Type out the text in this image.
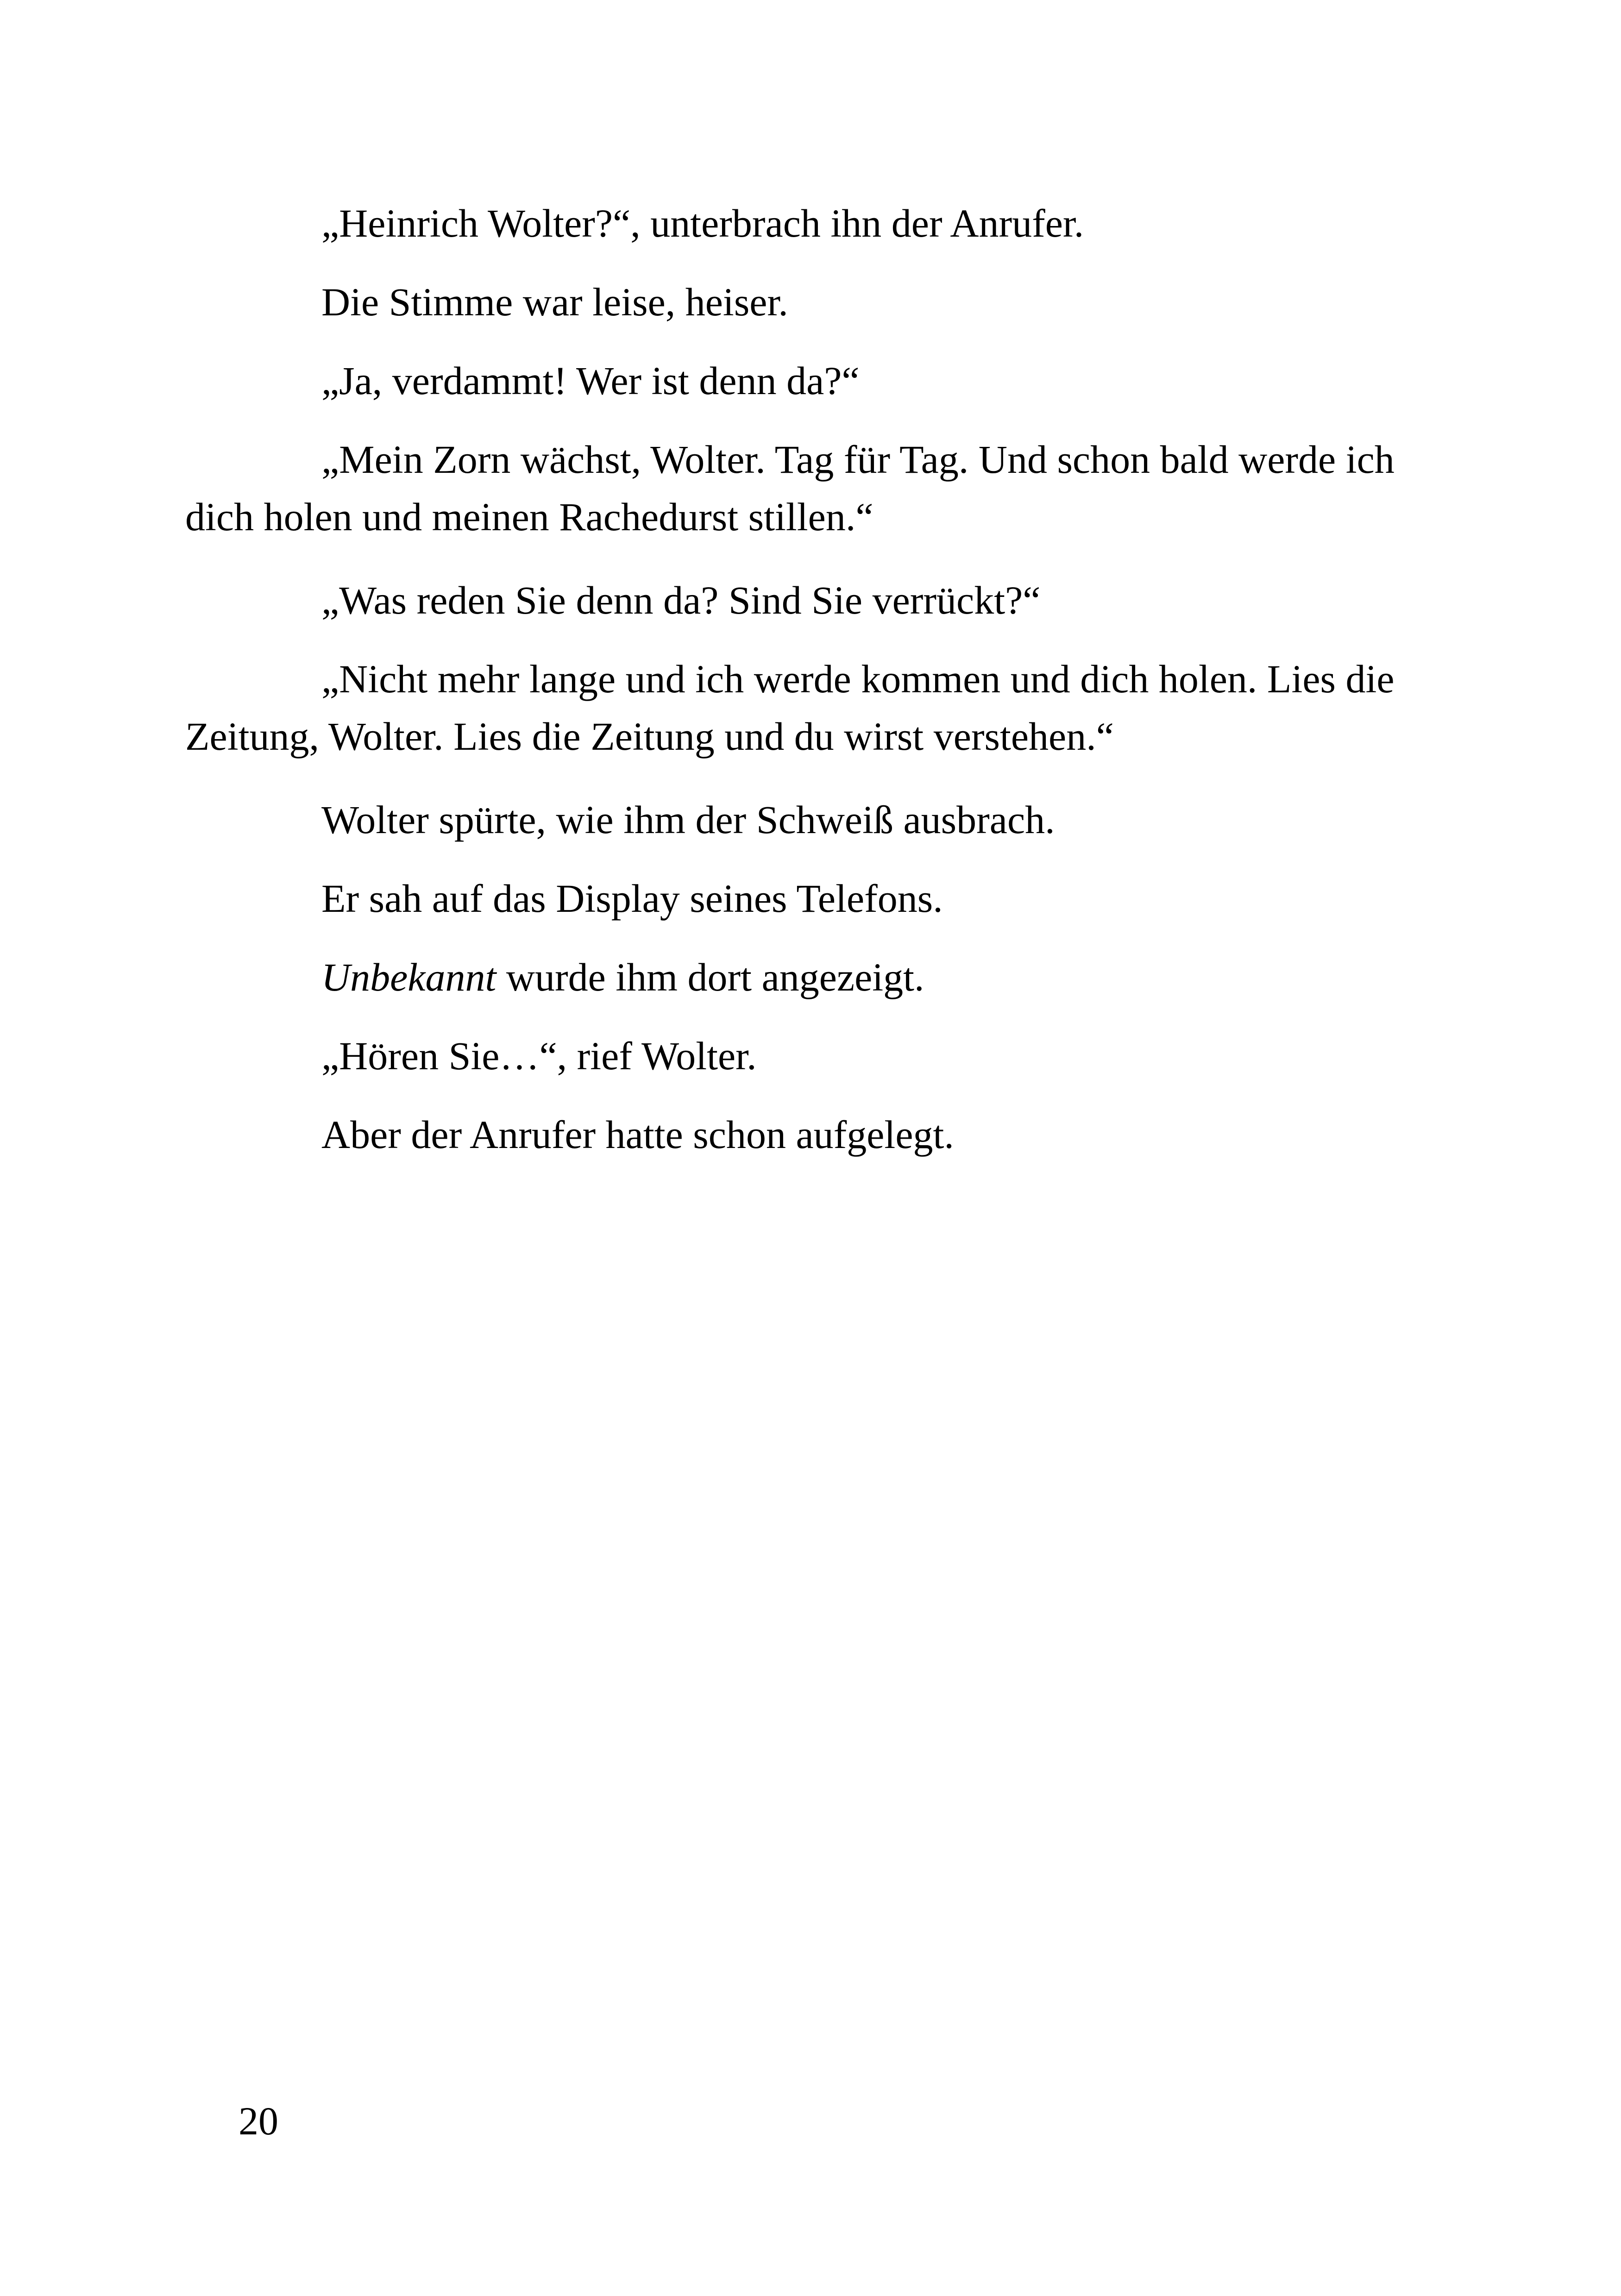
„Heinrich Wolter?“, unterbrach ihn der Anrufer.

Die Stimme war leise, heiser.

„Ja, verdammt! Wer ist denn da?“

„Mein Zorn wächst, Wolter. Tag für Tag. Und schon bald werde ich dich holen und meinen Rachedurst stillen.“

„Was reden Sie denn da? Sind Sie verrückt?“

„Nicht mehr lange und ich werde kommen und dich holen. Lies die Zeitung, Wolter. Lies die Zeitung und du wirst verstehen.“

Wolter spürte, wie ihm der Schweiß ausbrach.

Er sah auf das Display seines Telefons.

Unbekannt wurde ihm dort angezeigt.

„Hören Sie…“, rief Wolter.

Aber der Anrufer hatte schon aufgelegt.

20
